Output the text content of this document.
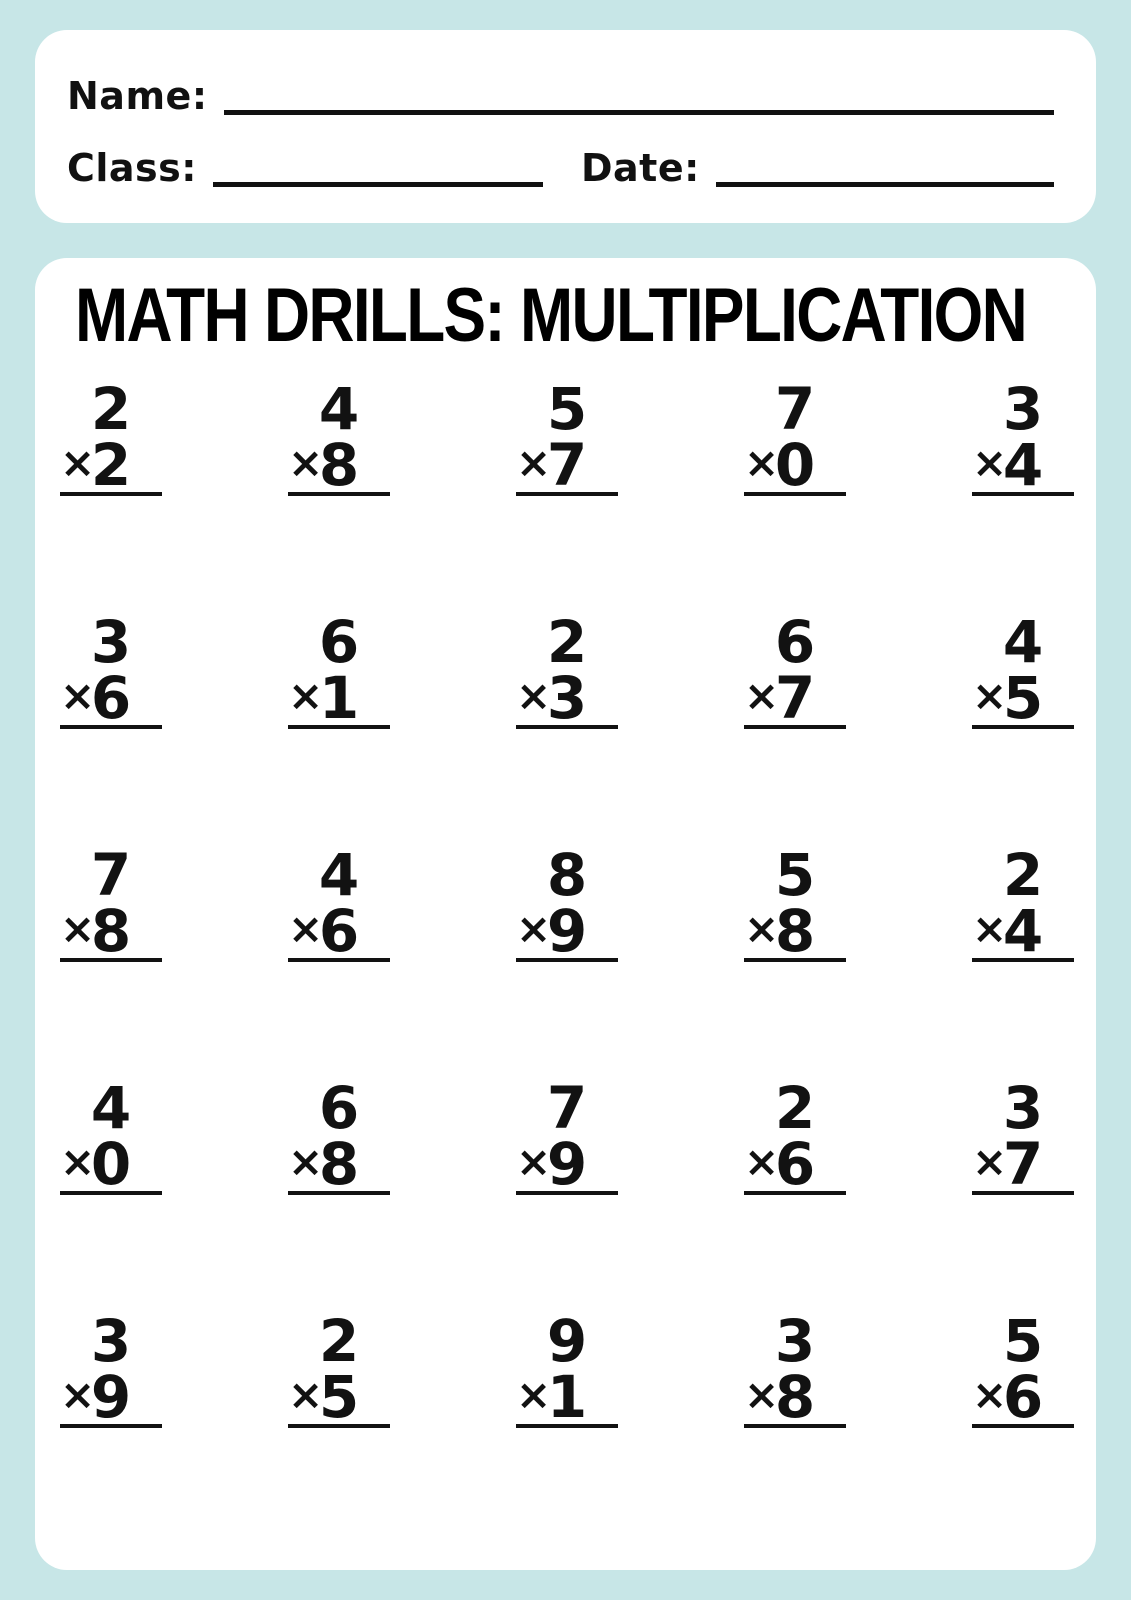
Name:
Class:	Date:
MATH DRILLS: MULTIPLICATION
2
×
2
4
×
8
5
×
7
7
×
0
3
×
4
3
×
6
6
×
1
2
×
3
6
×
7
4
×
5
7
×
8
4
×
6
8
×
9
5
×
8
2
×
4
4
×
0
6
×
8
7
×
9
2
×
6
3
×
7
3
×
9
2
×
5
9
×
1
3
×
8
5
×
6
